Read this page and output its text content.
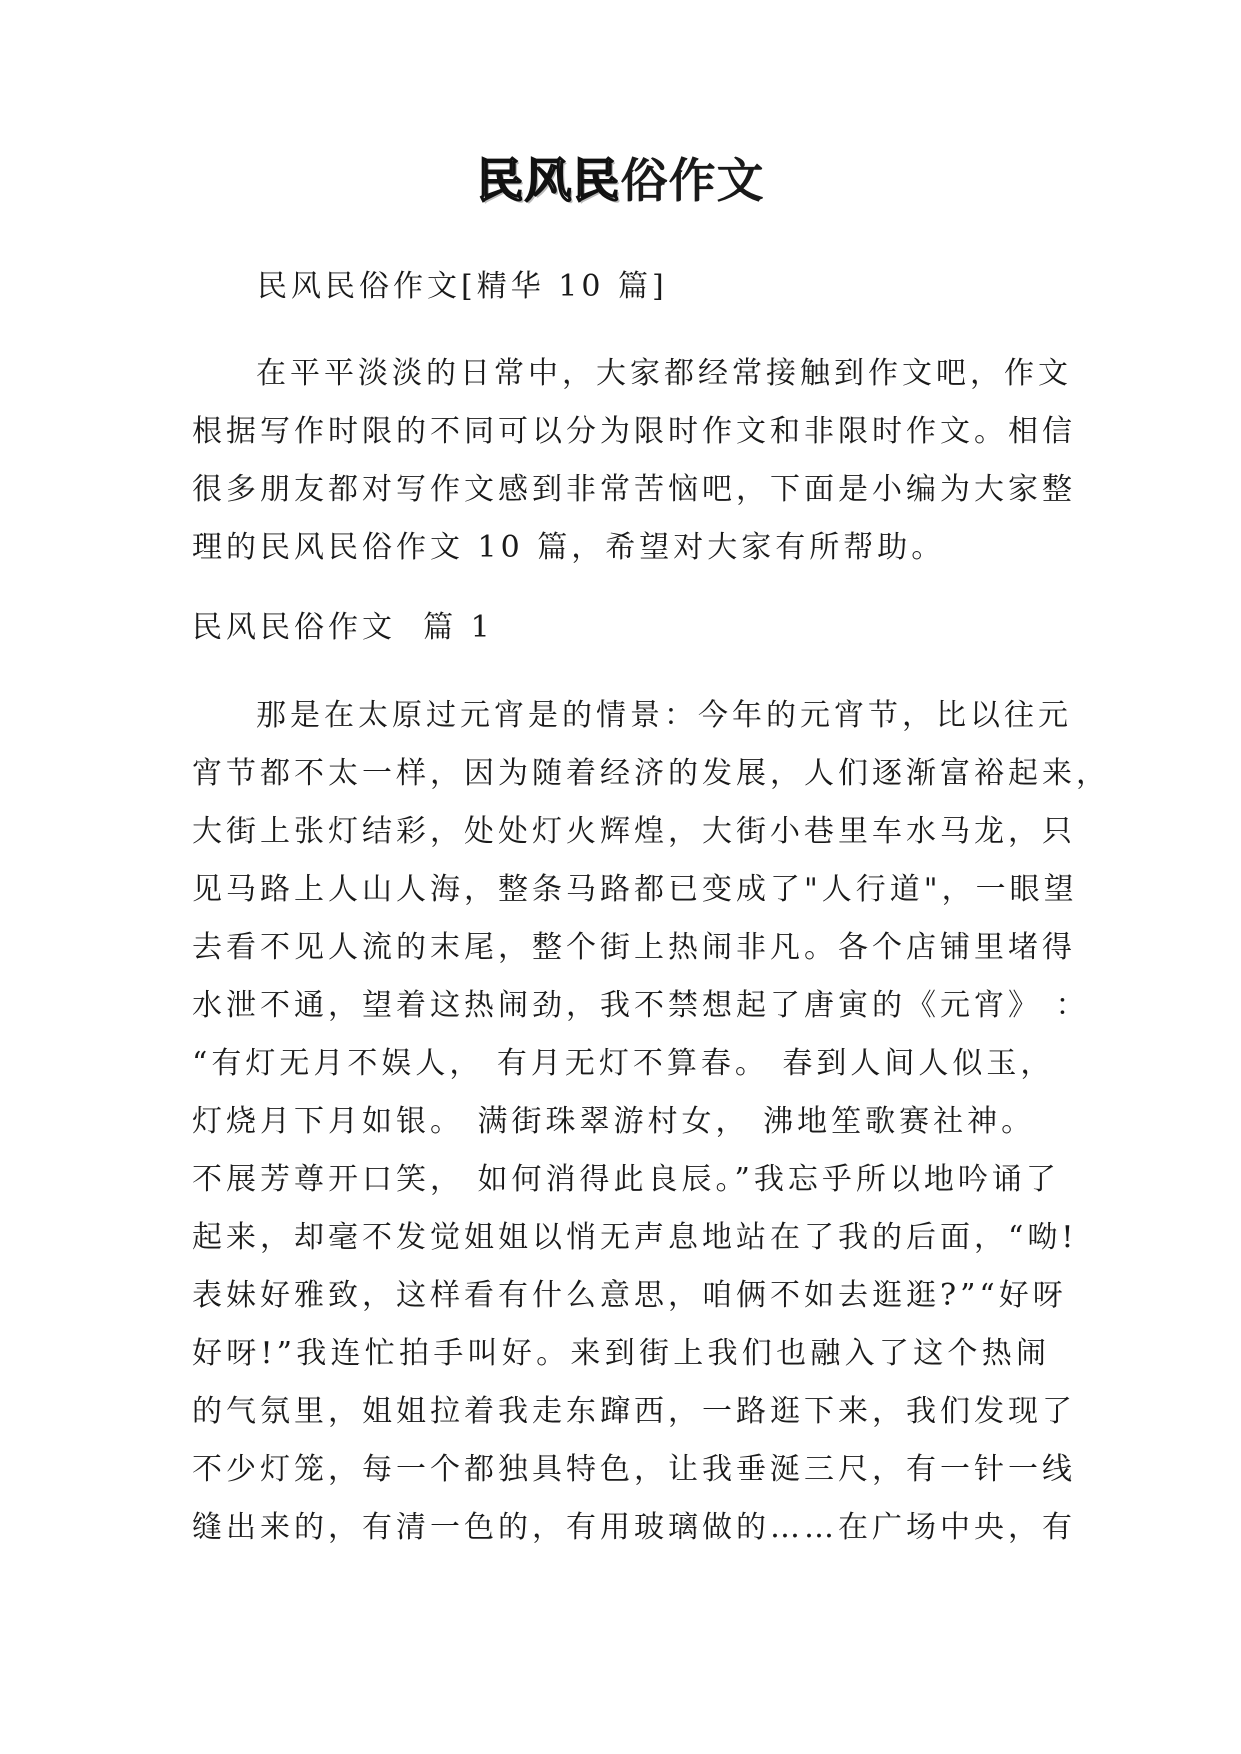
民风民俗作文

民风民俗作文[精华 10 篇]

在平平淡淡的日常中，大家都经常接触到作文吧，作文
根据写作时限的不同可以分为限时作文和非限时作文。相信
很多朋友都对写作文感到非常苦恼吧，下面是小编为大家整
理的民风民俗作文 10 篇，希望对大家有所帮助。

民风民俗作文  篇 1

那是在太原过元宵是的情景：今年的元宵节，比以往元
宵节都不太一样，因为随着经济的发展，人们逐渐富裕起来，
大街上张灯结彩，处处灯火辉煌，大街小巷里车水马龙，只
见马路上人山人海，整条马路都已变成了"人行道"，一眼望
去看不见人流的末尾，整个街上热闹非凡。各个店铺里堵得
水泄不通，望着这热闹劲，我不禁想起了唐寅的《元宵》 ：
“有灯无月不娱人， 有月无灯不算春。 春到人间人似玉，
灯烧月下月如银。 满街珠翠游村女， 沸地笙歌赛社神。
不展芳尊开口笑， 如何消得此良辰。”我忘乎所以地吟诵了
起来，却毫不发觉姐姐以悄无声息地站在了我的后面，“呦!
表妹好雅致，这样看有什么意思，咱俩不如去逛逛?”“好呀
好呀!”我连忙拍手叫好。来到街上我们也融入了这个热闹
的气氛里，姐姐拉着我走东蹿西，一路逛下来，我们发现了
不少灯笼，每一个都独具特色，让我垂涎三尺，有一针一线
缝出来的，有清一色的，有用玻璃做的……在广场中央，有
